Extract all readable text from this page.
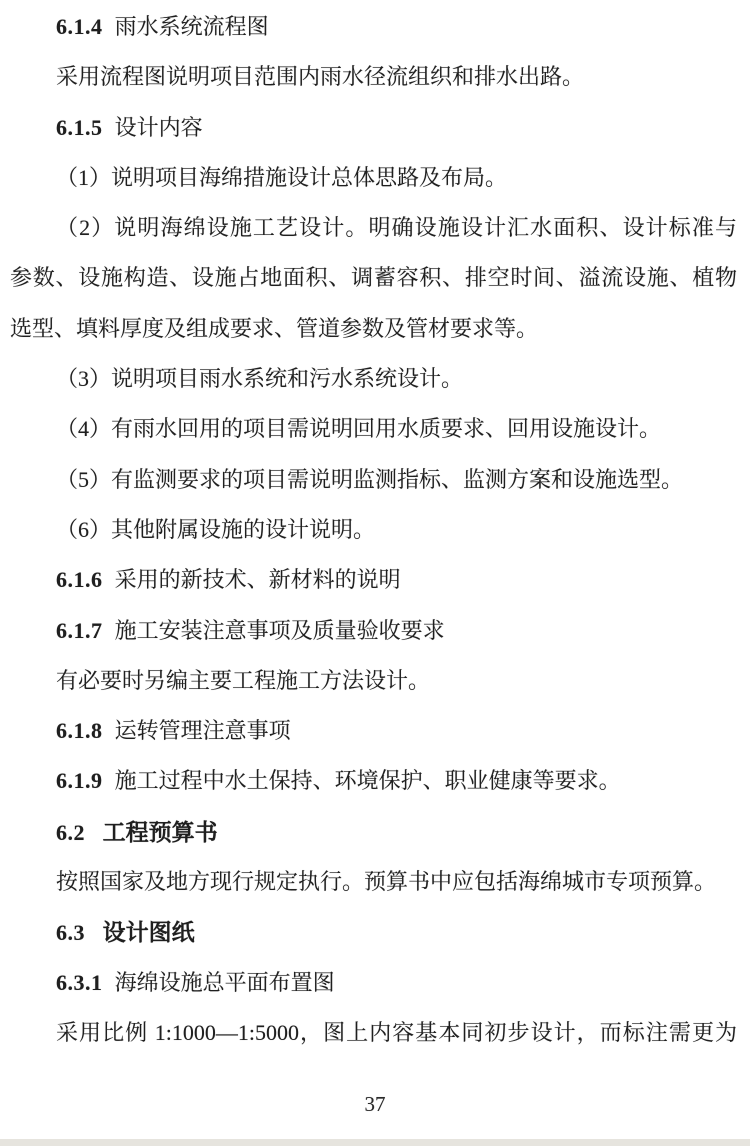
6.1.4 雨水系统流程图
采用流程图说明项目范围内雨水径流组织和排水出路。
6.1.5 设计内容
（1）说明项目海绵措施设计总体思路及布局。
（2）说明海绵设施工艺设计。明确设施设计汇水面积、设计标准与
参数、设施构造、设施占地面积、调蓄容积、排空时间、溢流设施、植物
选型、填料厚度及组成要求、管道参数及管材要求等。
（3）说明项目雨水系统和污水系统设计。
（4）有雨水回用的项目需说明回用水质要求、回用设施设计。
（5）有监测要求的项目需说明监测指标、监测方案和设施选型。
（6）其他附属设施的设计说明。
6.1.6 采用的新技术、新材料的说明
6.1.7 施工安装注意事项及质量验收要求
有必要时另编主要工程施工方法设计。
6.1.8 运转管理注意事项
6.1.9 施工过程中水土保持、环境保护、职业健康等要求。
6.2 工程预算书
按照国家及地方现行规定执行。预算书中应包括海绵城市专项预算。
6.3 设计图纸
6.3.1 海绵设施总平面布置图
采用比例 1:1000—1:5000，图上内容基本同初步设计，而标注需更为
37
